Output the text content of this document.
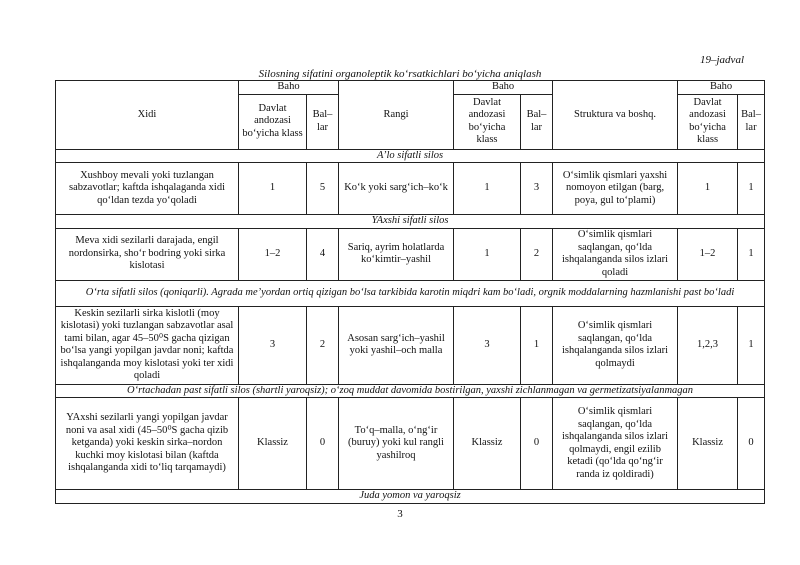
19–jadval
Silosning sifatini organoleptik ko‘rsatkichlari bo‘yicha aniqlash
Xidi	Baho		Rangi	Baho		Struktura va boshq.	Baho	
	Davlat andozasi bo‘yicha klass	Bal– lar		Davlat andozasi bo‘yicha klass	Bal– lar		Davlat andozasi bo‘yicha klass	Bal– lar
A’lo sifatli silos								
Xushboy mevali yoki tuzlangan sabzavotlar; kaftda ishqalaganda xidi qo‘ldan tezda yo‘qoladi	1	5	Ko‘k yoki sarg‘ich–ko‘k	1	3	O‘simlik qismlari yaxshi nomoyon etilgan (barg, poya, gul to‘plami)	1	1
YAxshi sifatli silos								
Meva xidi sezilarli darajada, engil nordonsirka, sho‘r bodring yoki sirka kislotasi	1–2	4	Sariq, ayrim holatlarda ko‘kimtir–yashil	1	2	O‘simlik qismlari saqlangan, qo‘lda ishqalanganda silos izlari qoladi	1–2	1
O‘rta sifatli silos (qoniqarli). Agrada me’yordan ortiq qizigan bo‘lsa tarkibida karotin miqdri kam bo‘ladi, orgnik moddalarning hazmlanishi past bo‘ladi								
Keskin sezilarli sirka kislotli (moy kislotasi) yoki tuzlangan sabzavotlar asal tami bilan, agar 45–50⁰S gacha qizigan bo‘lsa yangi yopilgan javdar noni; kaftda ishqalanganda moy kislotasi yoki ter xidi qoladi	3	2	Asosan sarg‘ich–yashil yoki yashil–och malla	3	1	O‘simlik qismlari saqlangan, qo‘lda ishqalanganda silos izlari qolmaydi	1,2,3	1
O‘rtachadan past sifatli silos (shartli yaroqsiz); o‘zoq muddat davomida bostirilgan, yaxshi zichlanmagan va germetizatsiyalanmagan								
YAxshi sezilarli yangi yopilgan javdar noni va asal xidi (45–50⁰S gacha qizib ketganda) yoki keskin sirka–nordon kuchki moy kislotasi bilan (kaftda ishqalanganda xidi to‘liq tarqamaydi)	Klassiz	0	To‘q–malla, o‘ng‘ir (buruy) yoki kul rangli yashilroq	Klassiz	0	O‘simlik qismlari saqlangan, qo‘lda ishqalanganda silos izlari qolmaydi, engil ezilib ketadi (qo‘lda qo‘ng‘ir randa iz qoldiradi)	Klassiz	0
Juda yomon va yaroqsiz								
3
